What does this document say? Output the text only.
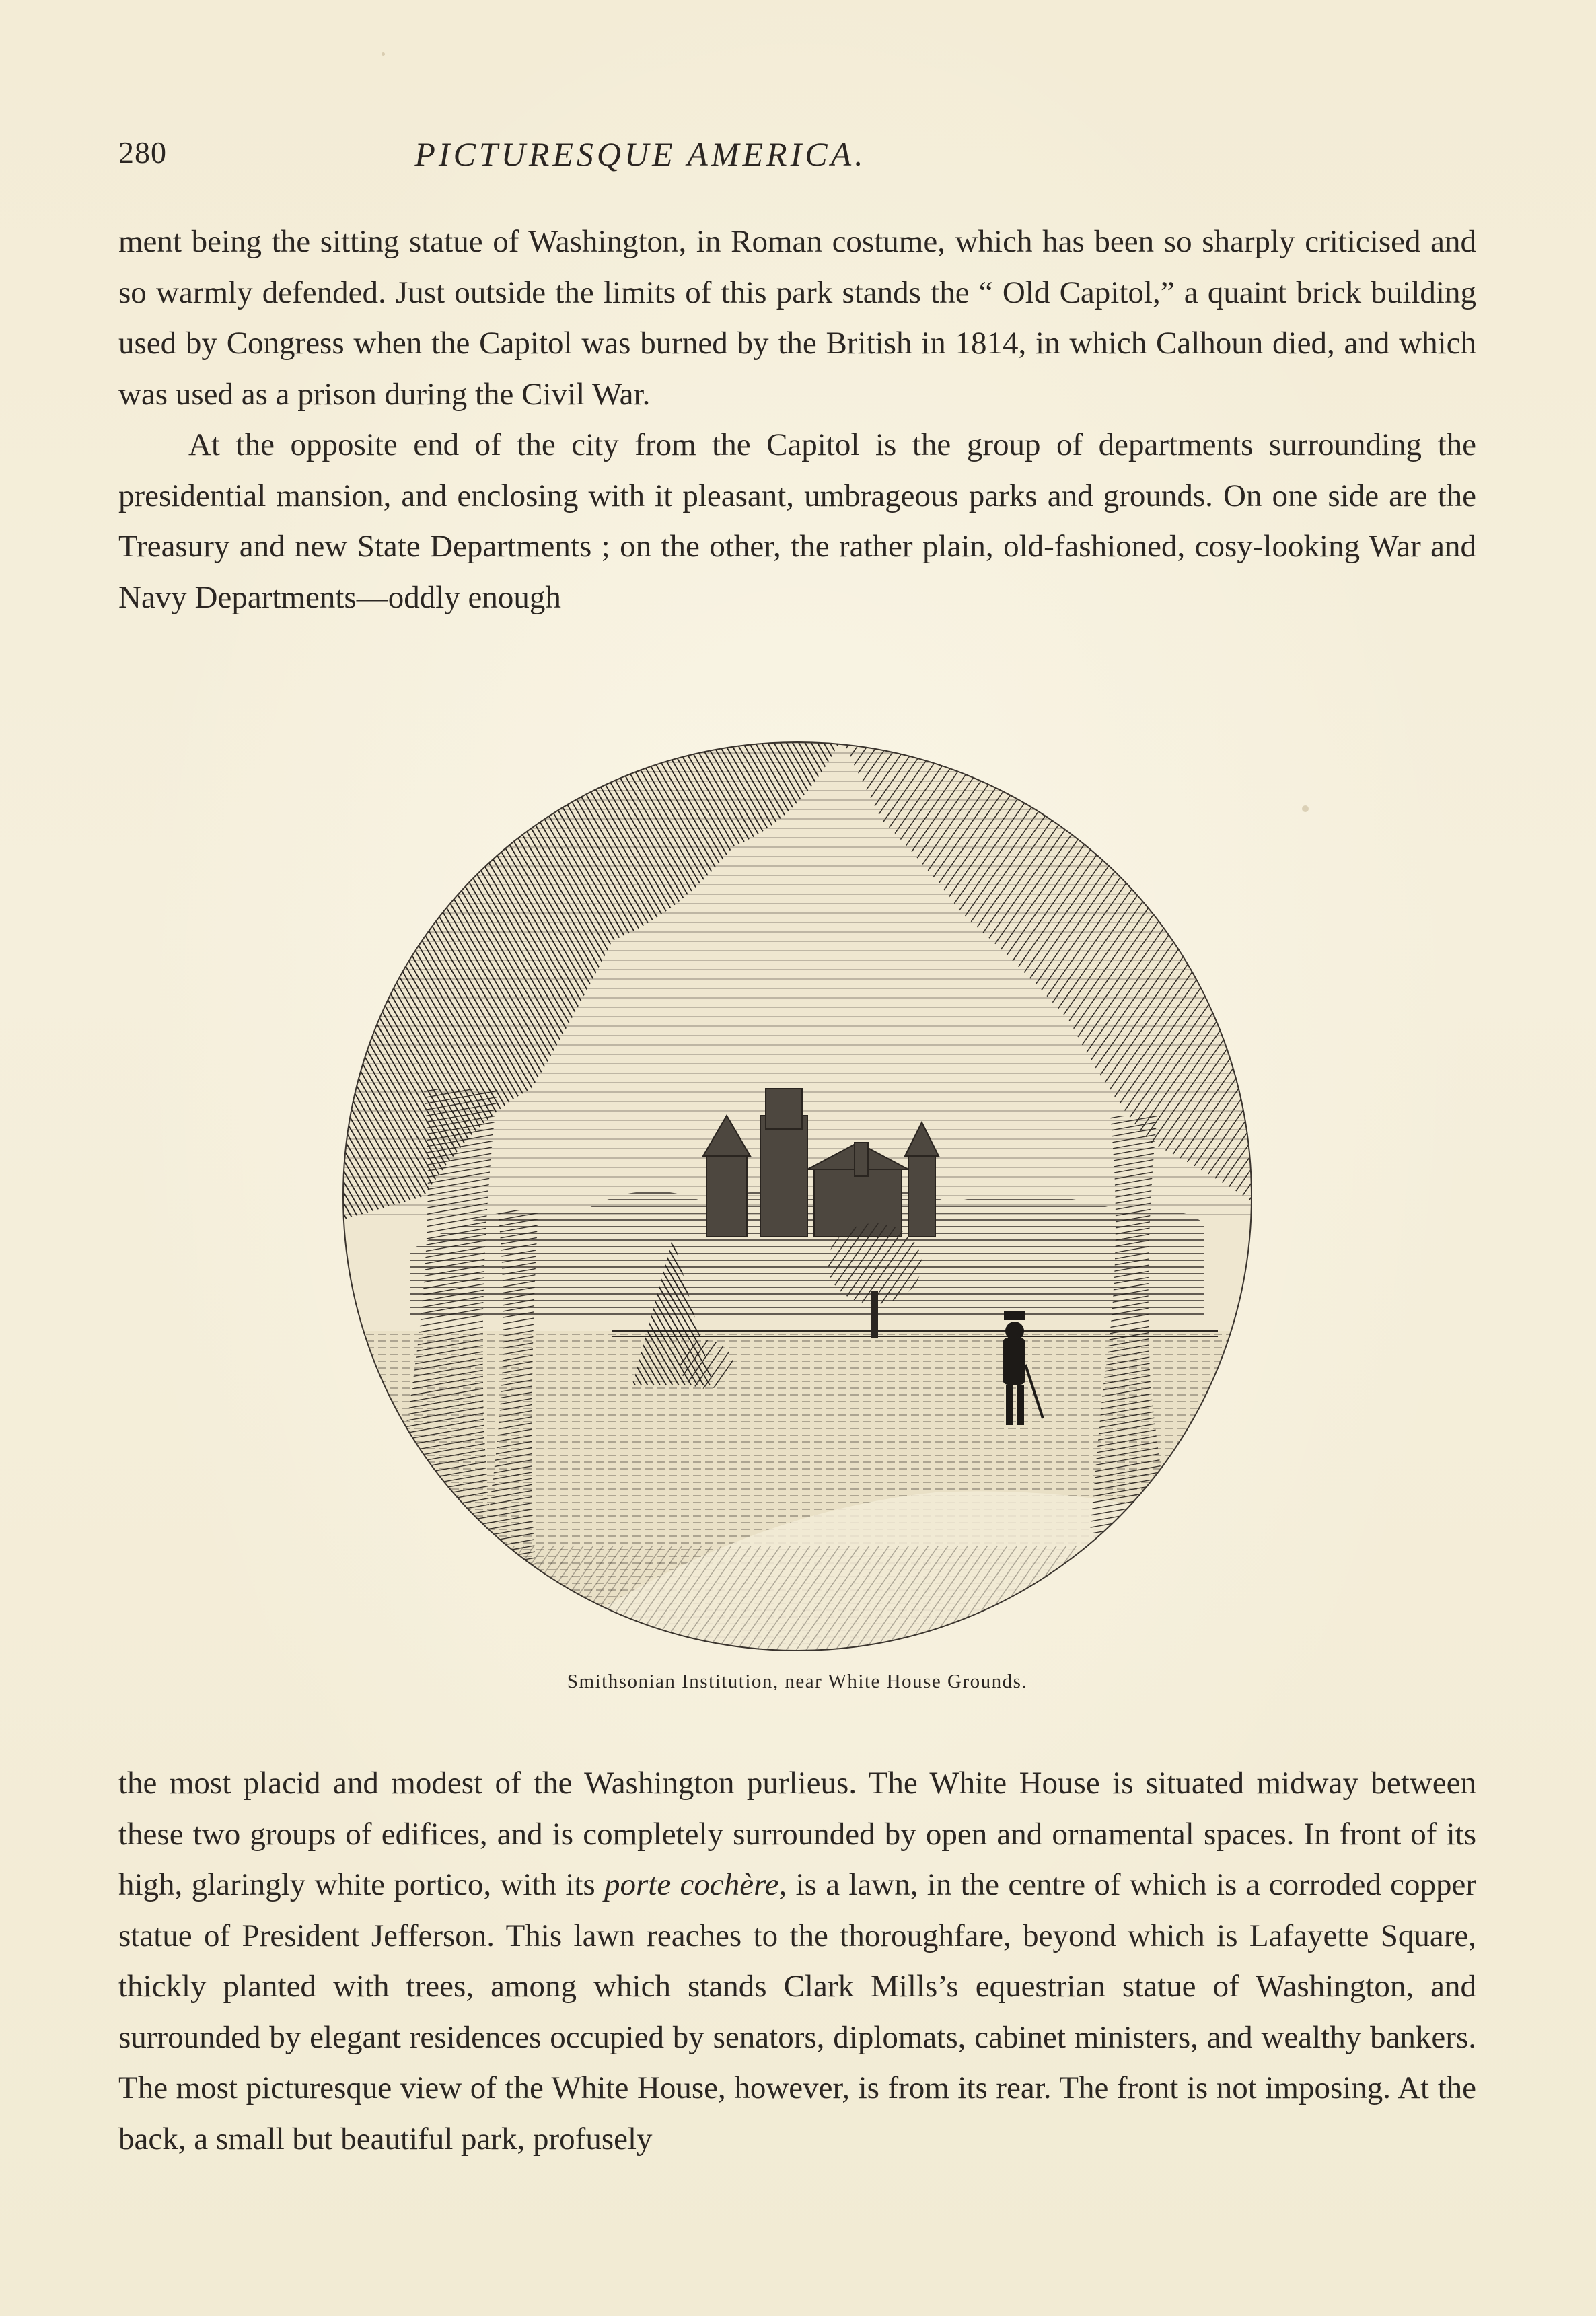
280	PICTURESQUE AMERICA.

ment being the sitting statue of Washington, in Roman costume, which has been so sharply criticised and so warmly defended. Just outside the limits of this park stands the “ Old Capitol,” a quaint brick building used by Congress when the Capitol was burned by the British in 1814, in which Calhoun died, and which was used as a prison during the Civil War.

At the opposite end of the city from the Capitol is the group of departments surrounding the presidential mansion, and enclosing with it pleasant, umbrageous parks and grounds. On one side are the Treasury and new State Departments ; on the other, the rather plain, old-fashioned, cosy-looking War and Navy Departments—oddly enough

Smithsonian Institution, near White House Grounds.

the most placid and modest of the Washington purlieus. The White House is situated midway between these two groups of edifices, and is completely surrounded by open and ornamental spaces. In front of its high, glaringly white portico, with its porte cochère, is a lawn, in the centre of which is a corroded copper statue of President Jefferson. This lawn reaches to the thoroughfare, beyond which is Lafayette Square, thickly planted with trees, among which stands Clark Mills’s equestrian statue of Washington, and surrounded by elegant residences occupied by senators, diplomats, cabinet ministers, and wealthy bankers. The most picturesque view of the White House, however, is from its rear. The front is not imposing. At the back, a small but beautiful park, profusely
